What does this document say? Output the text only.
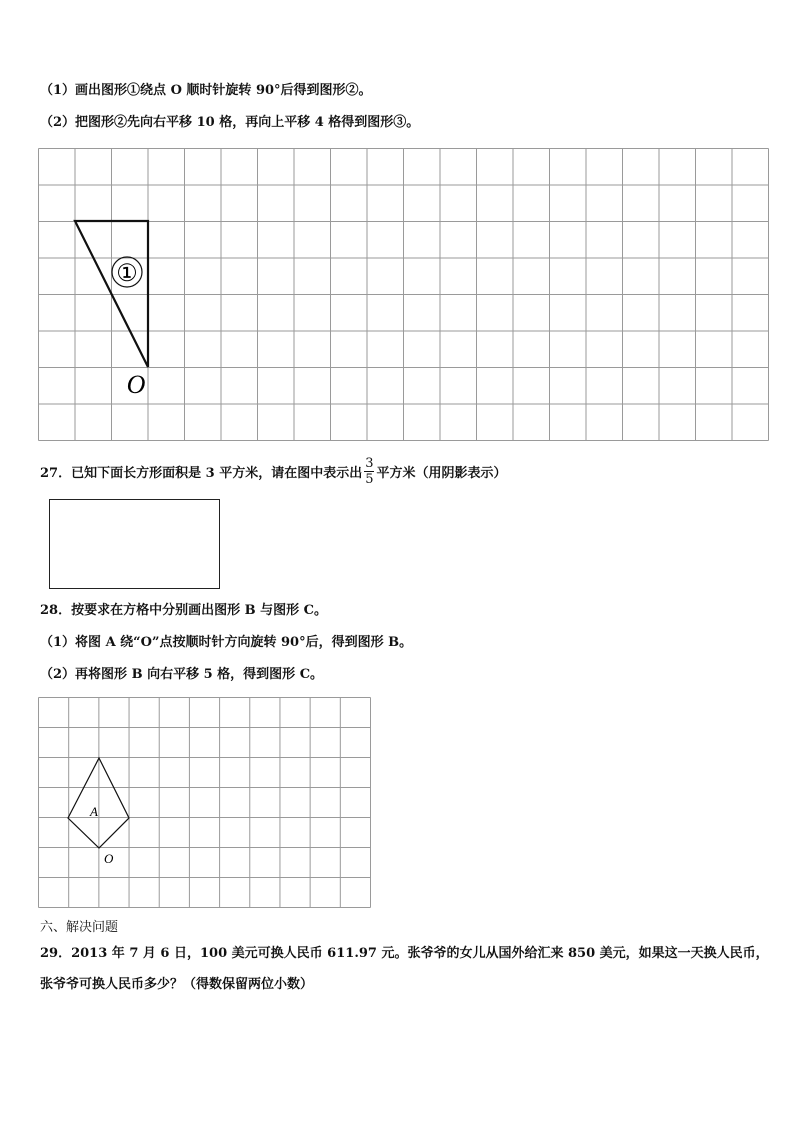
（1）画出图形①绕点 O 顺时针旋转 90°后得到图形②。
（2）把图形②先向右平移 10 格，再向上平移 4 格得到图形③。
①
O
27．已知下面长方形面积是 3 平方米，请在图中表示出 $\frac{3}{5}$ 平方米（用阴影表示）
28．按要求在方格中分别画出图形 B 与图形 C。
（1）将图 A 绕“O”点按顺时针方向旋转 90°后，得到图形 B。
（2）再将图形 B 向右平移 5 格，得到图形 C。
A
O
六、解决问题
29．2013 年 7 月 6 日，100 美元可换人民币 611.97 元。张爷爷的女儿从国外给汇来 850 美元，如果这一天换人民币，
张爷爷可换人民币多少？（得数保留两位小数）
